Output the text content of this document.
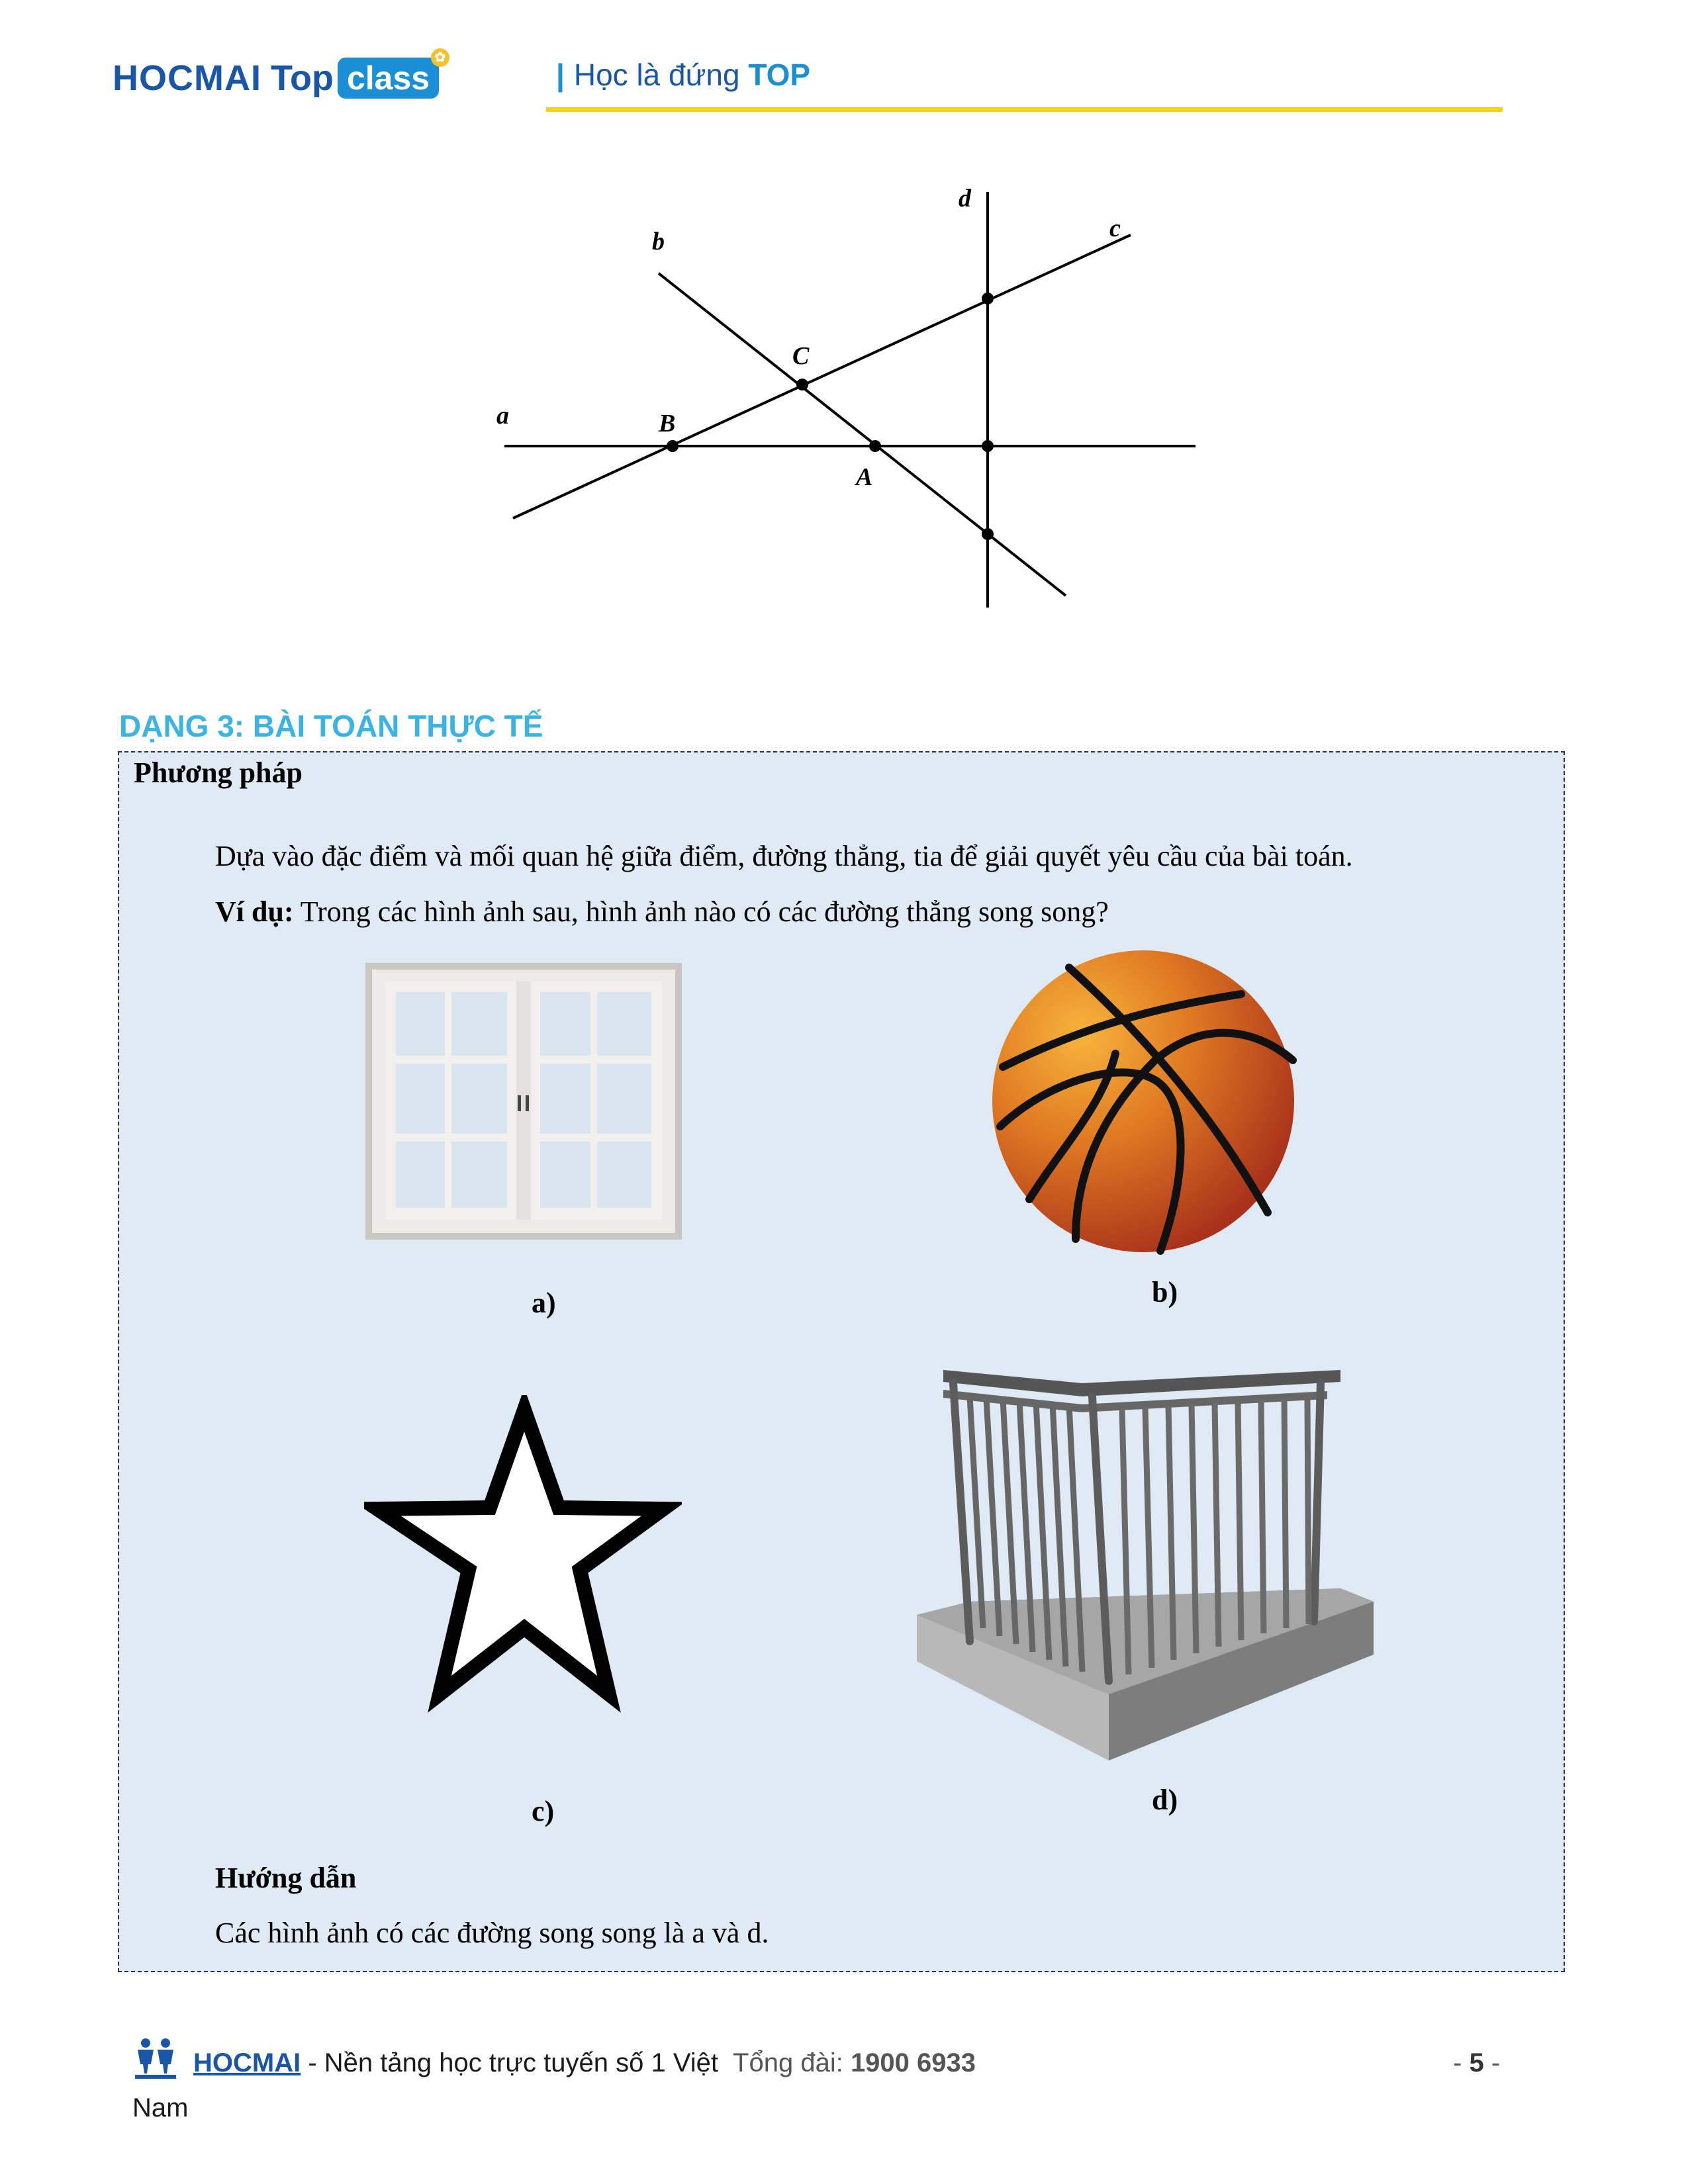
HOCMAI Top class
✿	| Học là đứng TOP
a
b	c
d
A
B
C
DẠNG 3: BÀI TOÁN THỰC TẾ
Phương pháp
Dựa vào đặc điểm và mối quan hệ giữa điểm, đường thẳng, tia để giải quyết yêu cầu của bài toán.
Ví dụ: Trong các hình ảnh sau, hình ảnh nào có các đường thẳng song song?
a)	b)
c)	d)
Hướng dẫn
Các hình ảnh có các đường song song là a và d.
HOCMAI - Nền tảng học trực tuyến số 1 Việt Tổng đài: 1900 6933
Nam
- 5 -
